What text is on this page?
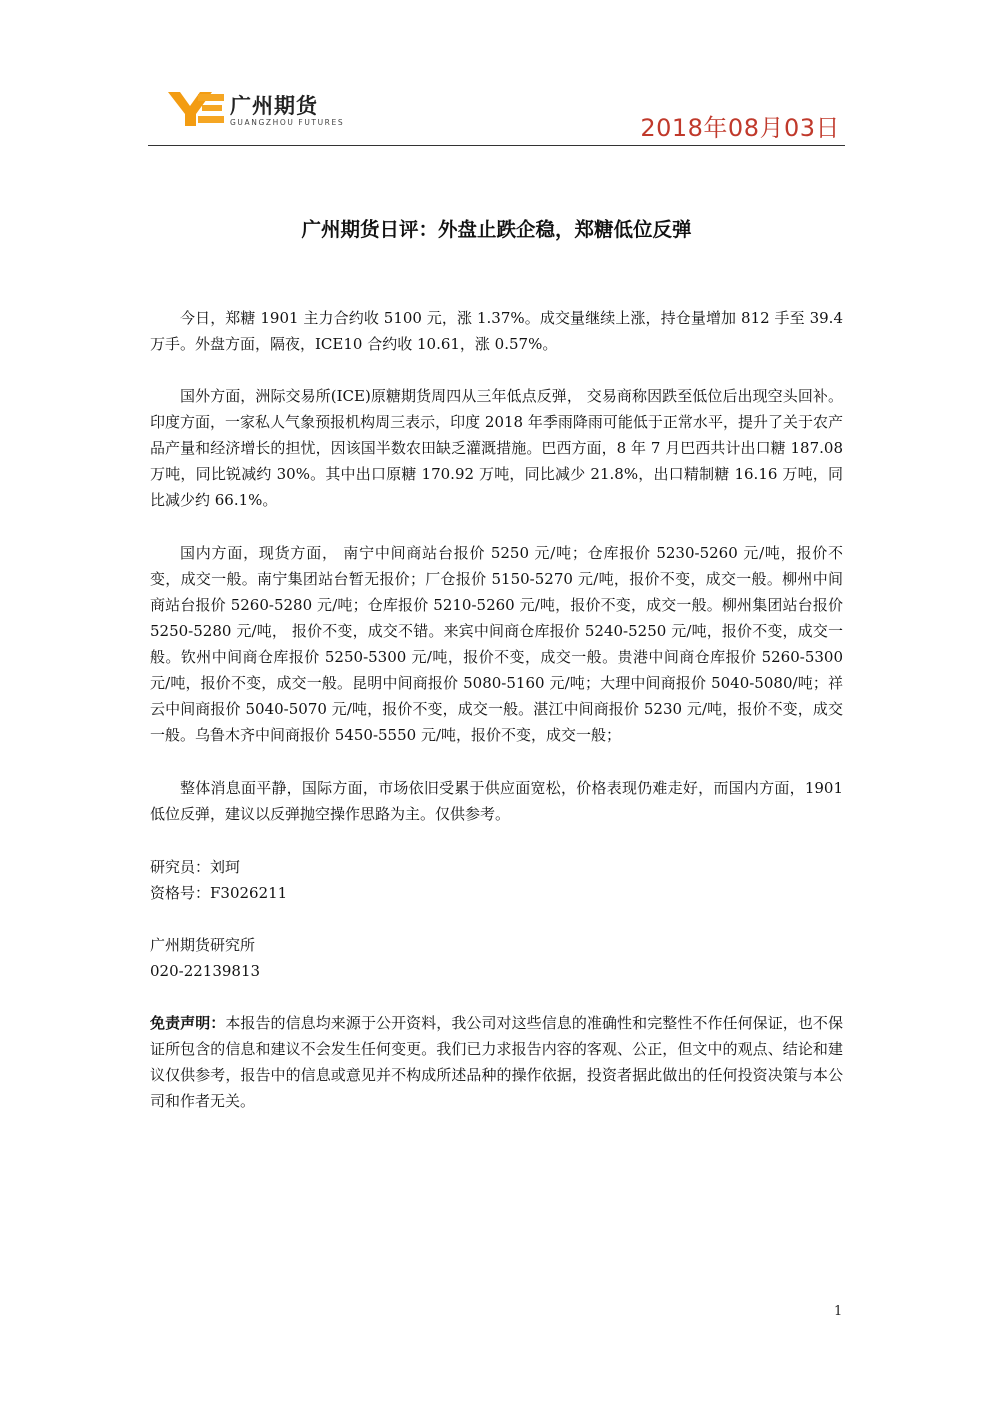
广州期货
GUANGZHOU FUTURES	2018年08月03日
广州期货日评：外盘止跌企稳，郑糖低位反弹

今日，郑糖 1901 主力合约收 5100 元，涨 1.37%。成交量继续上涨，持仓量增加 812 手至 39.4 万手。外盘方面，隔夜，ICE10 合约收 10.61，涨 0.57%。

国外方面，洲际交易所(ICE)原糖期货周四从三年低点反弹， 交易商称因跌至低位后出现空头回补。印度方面，一家私人气象预报机构周三表示，印度 2018 年季雨降雨可能低于正常水平，提升了关于农产品产量和经济增长的担忧，因该国半数农田缺乏灌溉措施。巴西方面，8 年 7 月巴西共计出口糖 187.08 万吨，同比锐减约 30%。其中出口原糖 170.92 万吨，同比减少 21.8%，出口精制糖 16.16 万吨，同比减少约 66.1%。

国内方面，现货方面， 南宁中间商站台报价 5250 元/吨；仓库报价 5230-5260 元/吨，报价不变，成交一般。南宁集团站台暂无报价；厂仓报价 5150-5270 元/吨，报价不变，成交一般。柳州中间商站台报价 5260-5280 元/吨；仓库报价 5210-5260 元/吨，报价不变，成交一般。柳州集团站台报价 5250-5280 元/吨， 报价不变，成交不错。来宾中间商仓库报价 5240-5250 元/吨，报价不变，成交一般。钦州中间商仓库报价 5250-5300 元/吨，报价不变，成交一般。贵港中间商仓库报价 5260-5300 元/吨，报价不变，成交一般。昆明中间商报价 5080-5160 元/吨；大理中间商报价 5040-5080/吨；祥云中间商报价 5040-5070 元/吨，报价不变，成交一般。湛江中间商报价 5230 元/吨，报价不变，成交一般。乌鲁木齐中间商报价 5450-5550 元/吨，报价不变，成交一般；

整体消息面平静，国际方面，市场依旧受累于供应面宽松，价格表现仍难走好，而国内方面，1901 低位反弹，建议以反弹抛空操作思路为主。仅供参考。

研究员：刘珂

资格号：F3026211

广州期货研究所

020-22139813

免责声明：本报告的信息均来源于公开资料，我公司对这些信息的准确性和完整性不作任何保证，也不保证所包含的信息和建议不会发生任何变更。我们已力求报告内容的客观、公正，但文中的观点、结论和建议仅供参考，报告中的信息或意见并不构成所述品种的操作依据，投资者据此做出的任何投资决策与本公司和作者无关。

1
